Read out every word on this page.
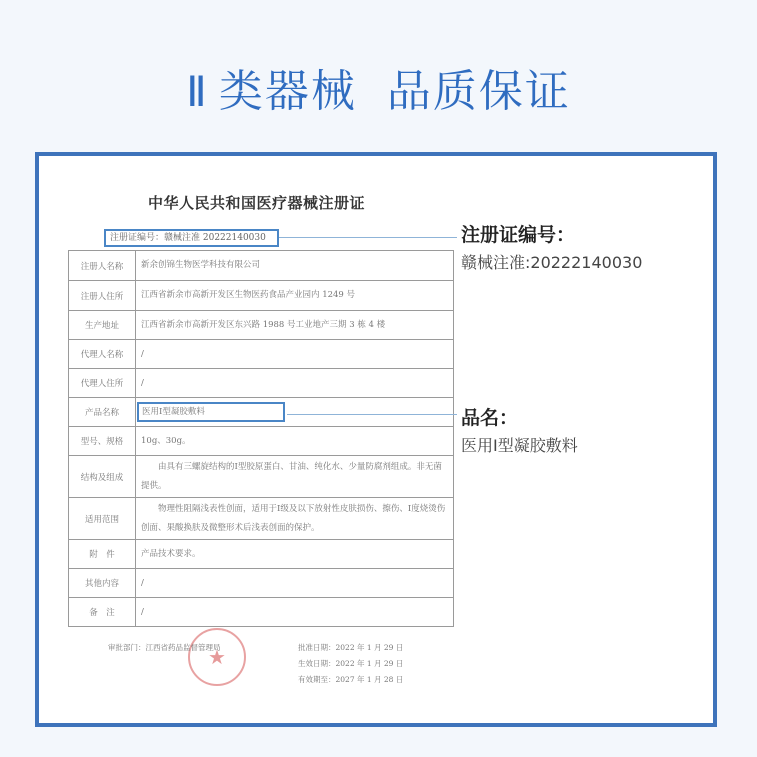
Ⅱ 类器械 品质保证
中华人民共和国医疗器械注册证
注册证编号：赣械注准 20222140030
注册人名称	新余创锦生物医学科技有限公司
注册人住所	江西省新余市高新开发区生物医药食品产业园内 1249 号
生产地址	江西省新余市高新开发区东兴路 1988 号工业地产三期 3 栋 4 楼
代理人名称	/
代理人住所	/
产品名称	医用Ⅰ型凝胶敷料
型号、规格	10g、30g。
结构及组成	由具有三螺旋结构的Ⅰ型胶原蛋白、甘油、纯化水、少量防腐剂组成。非无菌提供。
适用范围	物理性阻隔浅表性创面，适用于Ⅰ级及以下放射性皮肤损伤、擦伤、Ⅰ度烧烫伤创面、果酸换肤及微整形术后浅表创面的保护。
附　件	产品技术要求。
其他内容	/
备　注	/
★
审批部门：江西省药品监督管理局	批准日期：2022 年 1 月 29 日
生效日期：2022 年 1 月 29 日
有效期至：2027 年 1 月 28 日
注册证编号：
赣械注准:20222140030
品名：
医用Ⅰ型凝胶敷料
